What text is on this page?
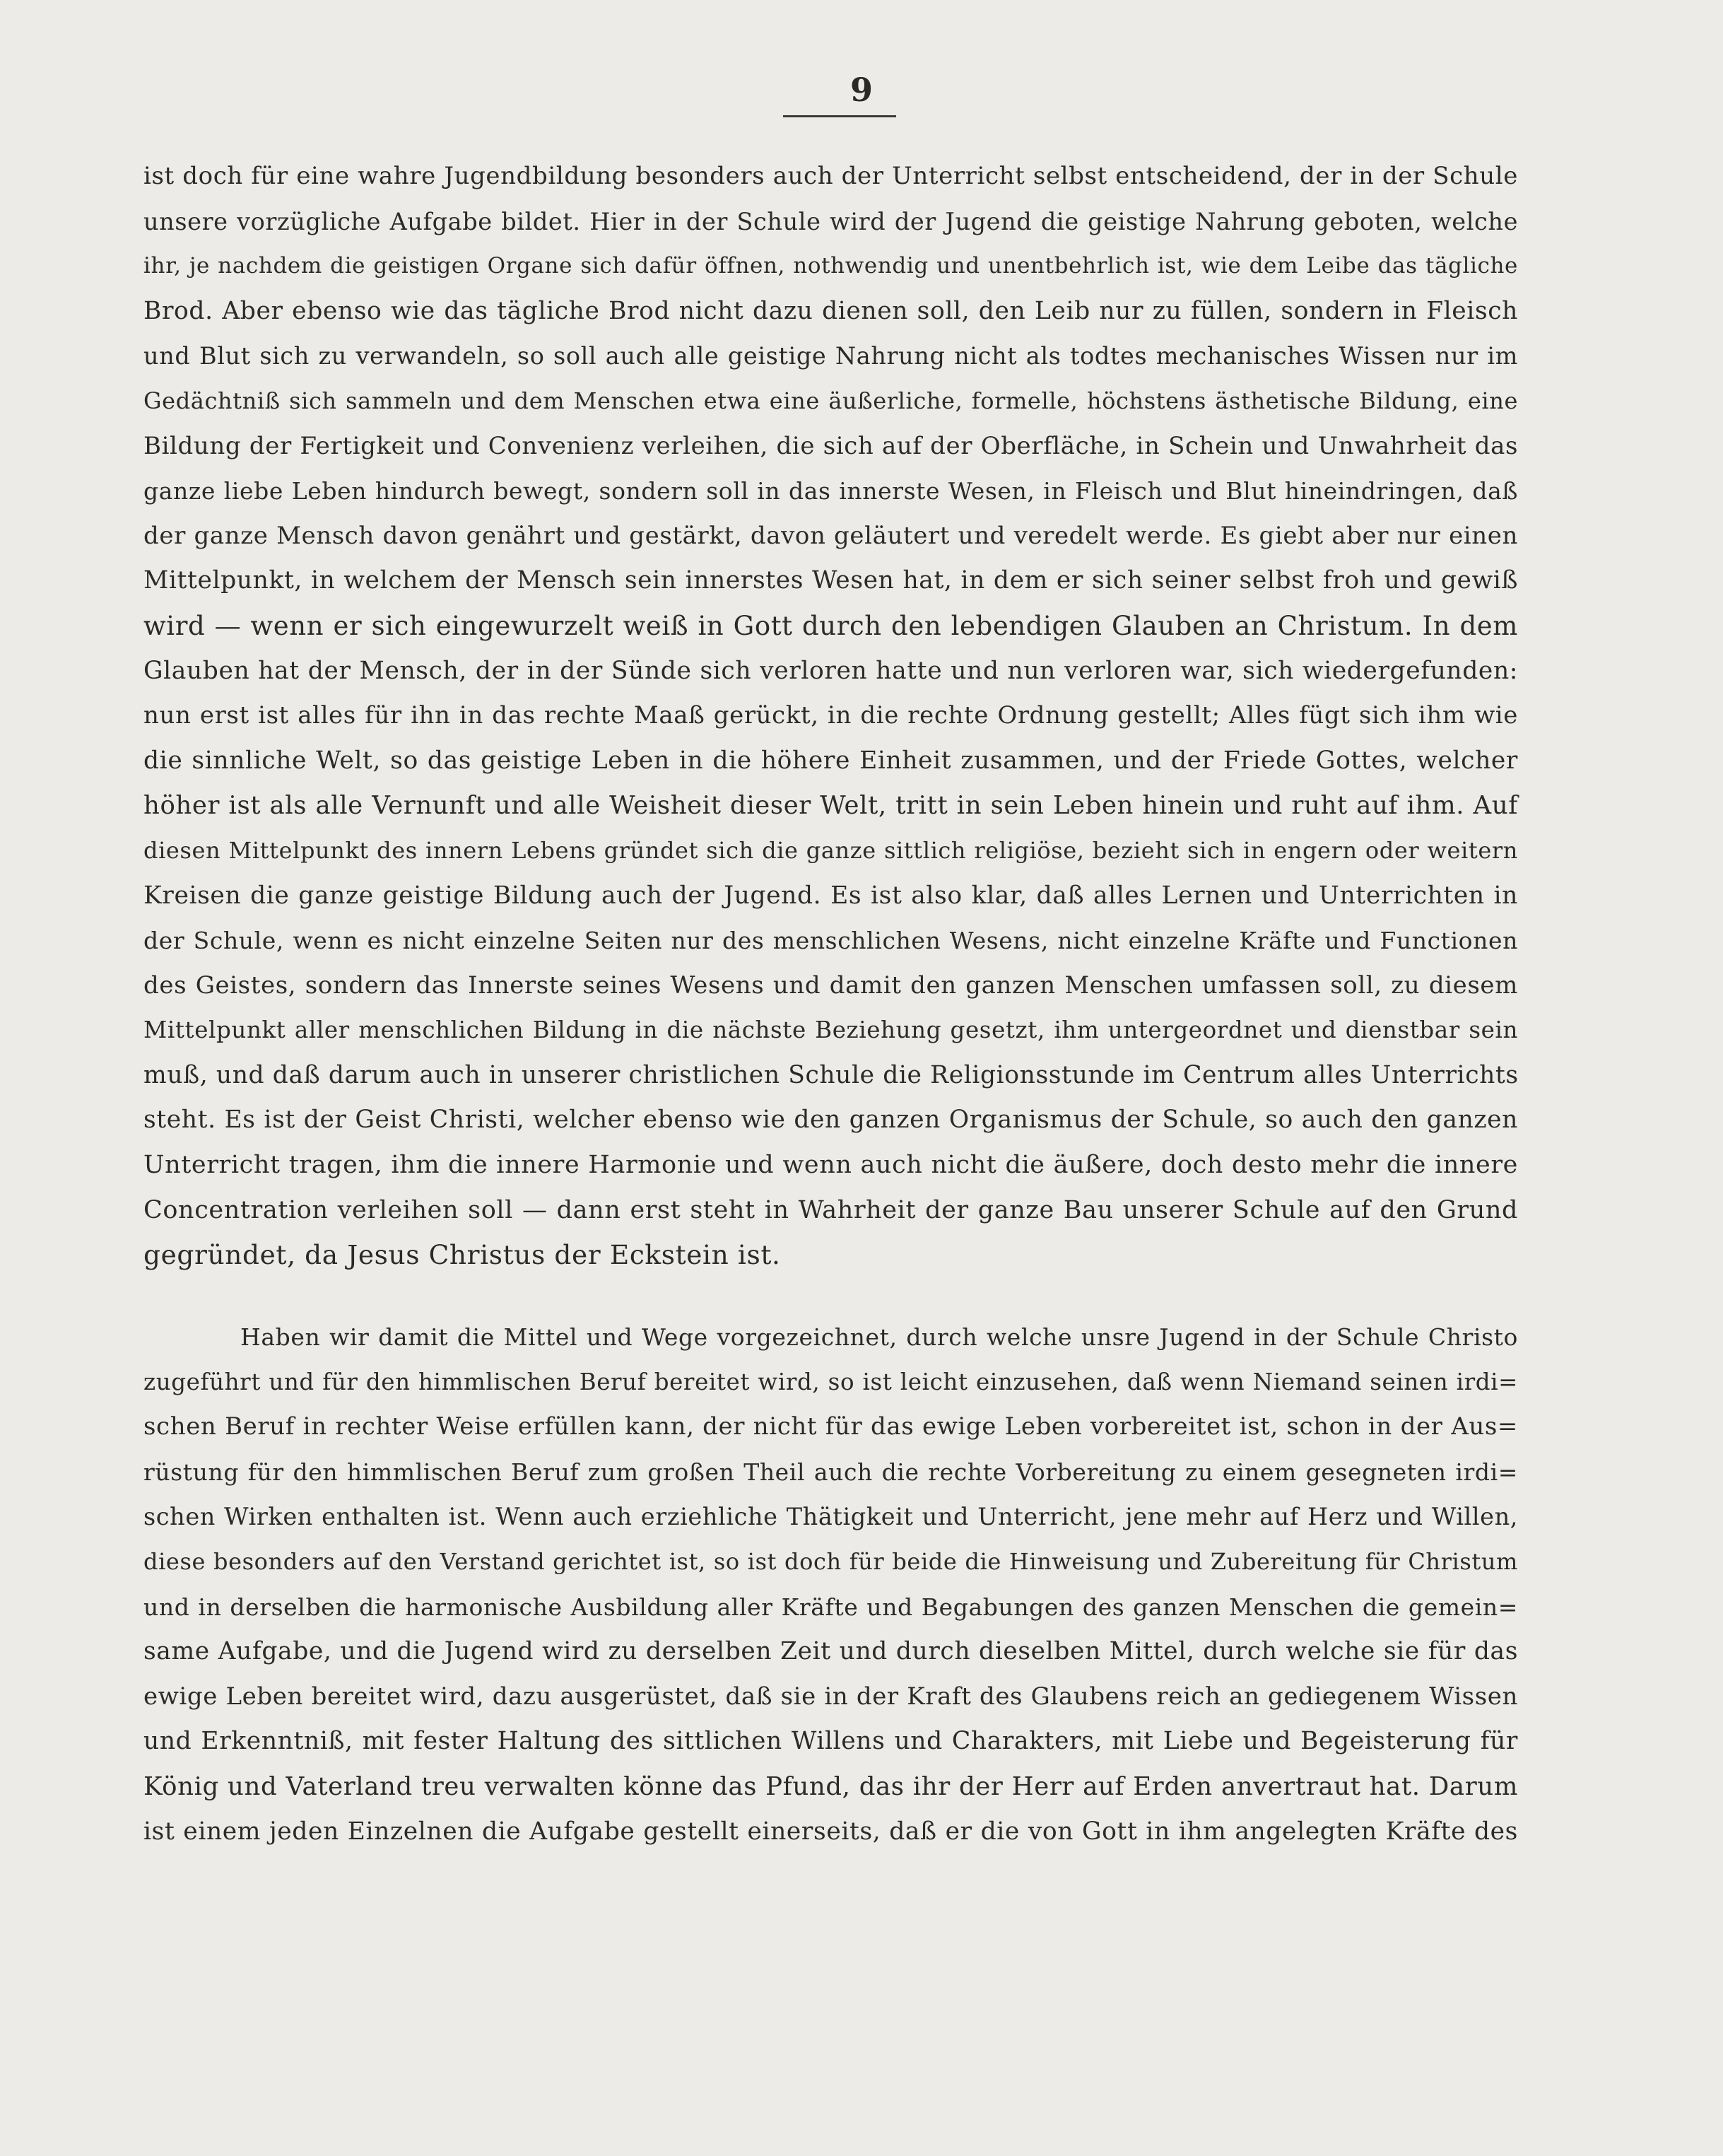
9
ist doch für eine wahre Jugendbildung besonders auch der Unterricht selbst entscheidend, der in der Schule
unsere vorzügliche Aufgabe bildet. Hier in der Schule wird der Jugend die geistige Nahrung geboten, welche
ihr, je nachdem die geistigen Organe sich dafür öffnen, nothwendig und unentbehrlich ist, wie dem Leibe das tägliche
Brod. Aber ebenso wie das tägliche Brod nicht dazu dienen soll, den Leib nur zu füllen, sondern in Fleisch
und Blut sich zu verwandeln, so soll auch alle geistige Nahrung nicht als todtes mechanisches Wissen nur im
Gedächtniß sich sammeln und dem Menschen etwa eine äußerliche, formelle, höchstens ästhetische Bildung, eine
Bildung der Fertigkeit und Convenienz verleihen, die sich auf der Oberfläche, in Schein und Unwahrheit das
ganze liebe Leben hindurch bewegt, sondern soll in das innerste Wesen, in Fleisch und Blut hineindringen, daß
der ganze Mensch davon genährt und gestärkt, davon geläutert und veredelt werde. Es giebt aber nur einen
Mittelpunkt, in welchem der Mensch sein innerstes Wesen hat, in dem er sich seiner selbst froh und gewiß
wird — wenn er sich eingewurzelt weiß in Gott durch den lebendigen Glauben an Christum. In dem
Glauben hat der Mensch, der in der Sünde sich verloren hatte und nun verloren war, sich wiedergefunden:
nun erst ist alles für ihn in das rechte Maaß gerückt, in die rechte Ordnung gestellt; Alles fügt sich ihm wie
die sinnliche Welt, so das geistige Leben in die höhere Einheit zusammen, und der Friede Gottes, welcher
höher ist als alle Vernunft und alle Weisheit dieser Welt, tritt in sein Leben hinein und ruht auf ihm. Auf
diesen Mittelpunkt des innern Lebens gründet sich die ganze sittlich religiöse, bezieht sich in engern oder weitern
Kreisen die ganze geistige Bildung auch der Jugend. Es ist also klar, daß alles Lernen und Unterrichten in
der Schule, wenn es nicht einzelne Seiten nur des menschlichen Wesens, nicht einzelne Kräfte und Functionen
des Geistes, sondern das Innerste seines Wesens und damit den ganzen Menschen umfassen soll, zu diesem
Mittelpunkt aller menschlichen Bildung in die nächste Beziehung gesetzt, ihm untergeordnet und dienstbar sein
muß, und daß darum auch in unserer christlichen Schule die Religionsstunde im Centrum alles Unterrichts
steht. Es ist der Geist Christi, welcher ebenso wie den ganzen Organismus der Schule, so auch den ganzen
Unterricht tragen, ihm die innere Harmonie und wenn auch nicht die äußere, doch desto mehr die innere
Concentration verleihen soll — dann erst steht in Wahrheit der ganze Bau unserer Schule auf den Grund
gegründet, da Jesus Christus der Eckstein ist.
Haben wir damit die Mittel und Wege vorgezeichnet, durch welche unsre Jugend in der Schule Christo
zugeführt und für den himmlischen Beruf bereitet wird, so ist leicht einzusehen, daß wenn Niemand seinen irdi=
schen Beruf in rechter Weise erfüllen kann, der nicht für das ewige Leben vorbereitet ist, schon in der Aus=
rüstung für den himmlischen Beruf zum großen Theil auch die rechte Vorbereitung zu einem gesegneten irdi=
schen Wirken enthalten ist. Wenn auch erziehliche Thätigkeit und Unterricht, jene mehr auf Herz und Willen,
diese besonders auf den Verstand gerichtet ist, so ist doch für beide die Hinweisung und Zubereitung für Christum
und in derselben die harmonische Ausbildung aller Kräfte und Begabungen des ganzen Menschen die gemein=
same Aufgabe, und die Jugend wird zu derselben Zeit und durch dieselben Mittel, durch welche sie für das
ewige Leben bereitet wird, dazu ausgerüstet, daß sie in der Kraft des Glaubens reich an gediegenem Wissen
und Erkenntniß, mit fester Haltung des sittlichen Willens und Charakters, mit Liebe und Begeisterung für
König und Vaterland treu verwalten könne das Pfund, das ihr der Herr auf Erden anvertraut hat. Darum
ist einem jeden Einzelnen die Aufgabe gestellt einerseits, daß er die von Gott in ihm angelegten Kräfte des
